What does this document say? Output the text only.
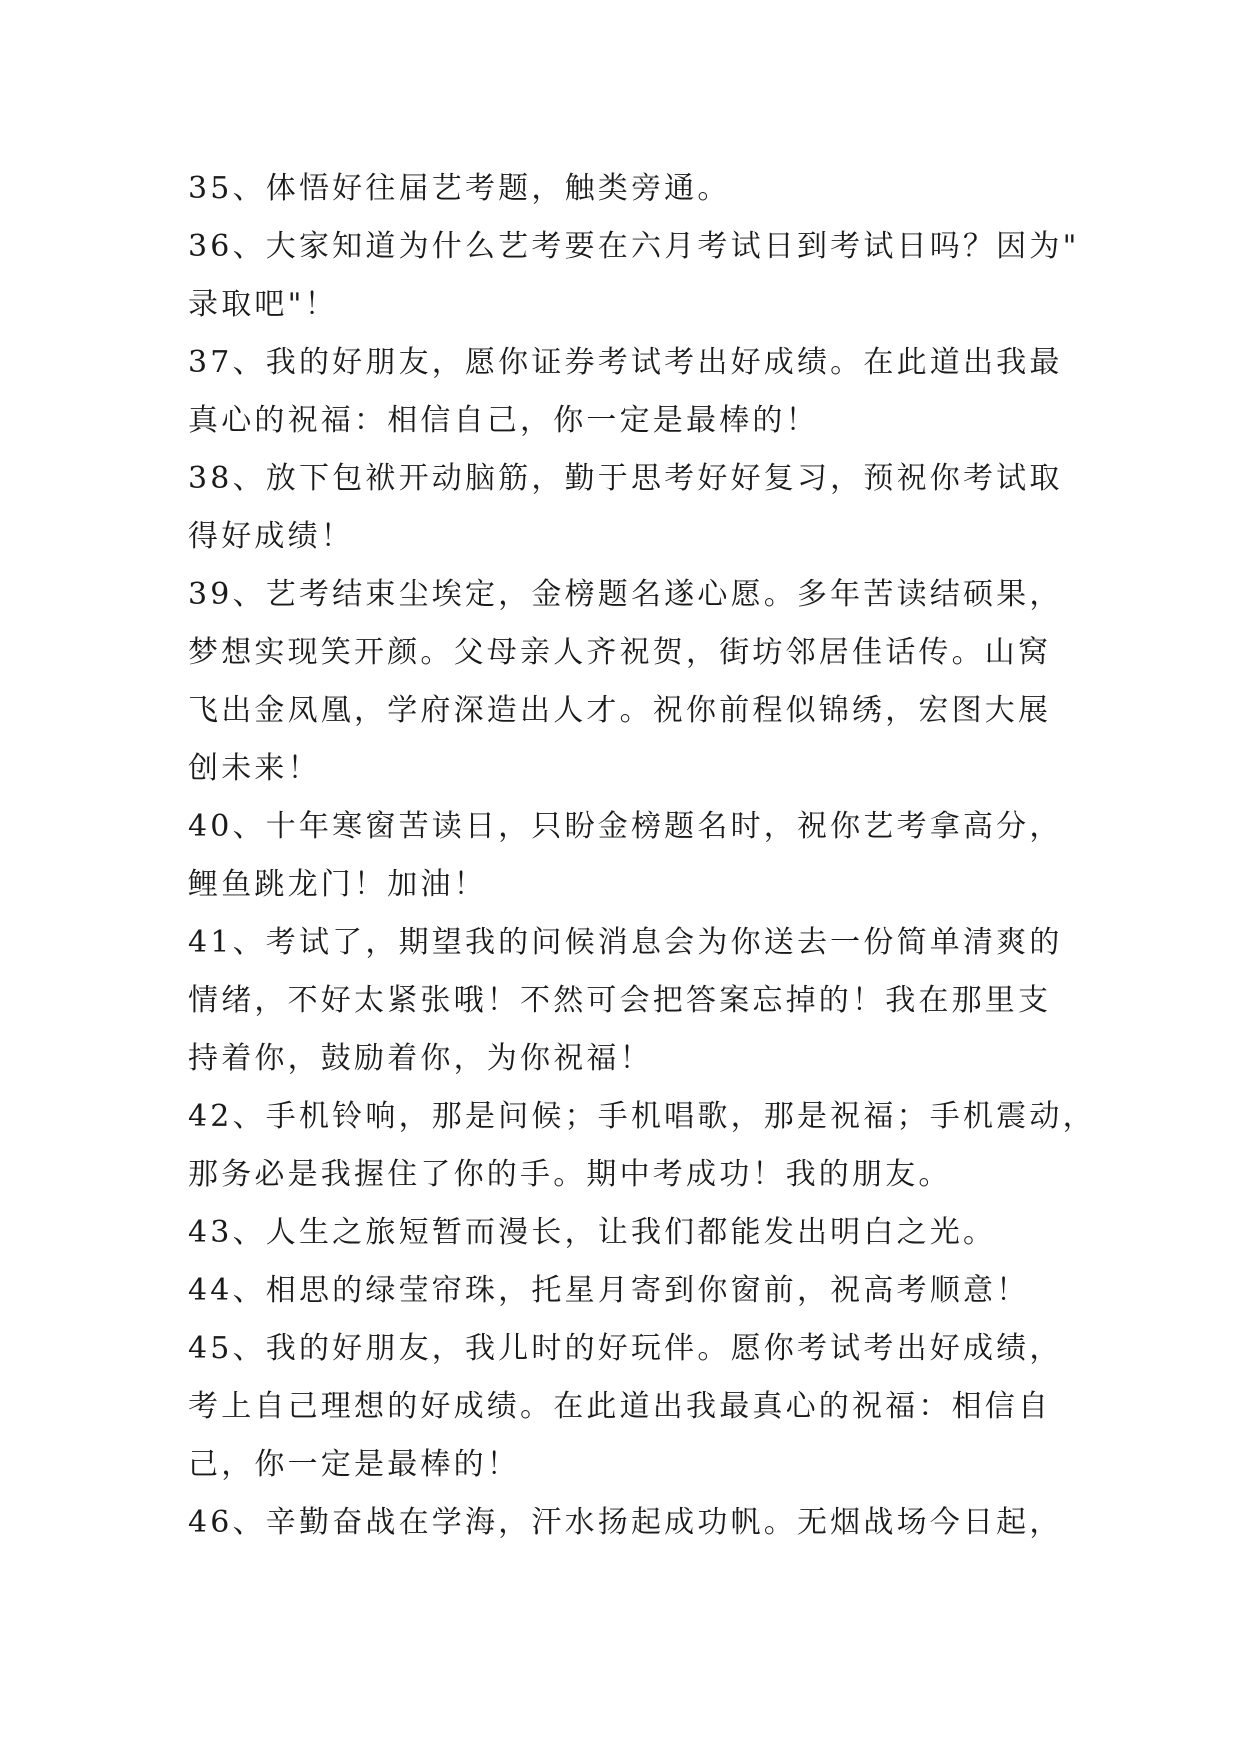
35、体悟好往届艺考题，触类旁通。
36、大家知道为什么艺考要在六月考试日到考试日吗？因为"
录取吧"！
37、我的好朋友，愿你证券考试考出好成绩。在此道出我最
真心的祝福：相信自己，你一定是最棒的！
38、放下包袱开动脑筋，勤于思考好好复习，预祝你考试取
得好成绩！
39、艺考结束尘埃定，金榜题名遂心愿。多年苦读结硕果，
梦想实现笑开颜。父母亲人齐祝贺，街坊邻居佳话传。山窝
飞出金凤凰，学府深造出人才。祝你前程似锦绣，宏图大展
创未来！
40、十年寒窗苦读日，只盼金榜题名时，祝你艺考拿高分，
鲤鱼跳龙门！加油！
41、考试了，期望我的问候消息会为你送去一份简单清爽的
情绪，不好太紧张哦！不然可会把答案忘掉的！我在那里支
持着你，鼓励着你，为你祝福！
42、手机铃响，那是问候；手机唱歌，那是祝福；手机震动，
那务必是我握住了你的手。期中考成功！我的朋友。
43、人生之旅短暂而漫长，让我们都能发出明白之光。
44、相思的绿莹帘珠，托星月寄到你窗前，祝高考顺意！
45、我的好朋友，我儿时的好玩伴。愿你考试考出好成绩，
考上自己理想的好成绩。在此道出我最真心的祝福：相信自
己，你一定是最棒的！
46、辛勤奋战在学海，汗水扬起成功帆。无烟战场今日起，
